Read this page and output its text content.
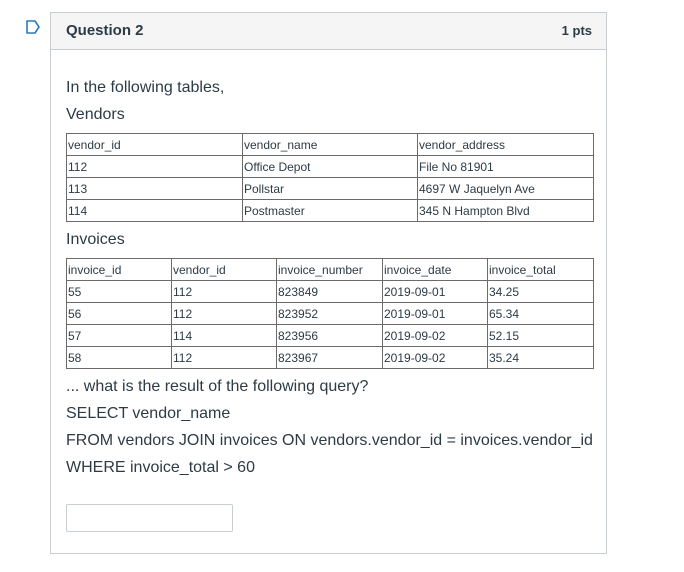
Question 2	1 pts

In the following tables,

Vendors

vendor_id	vendor_name	vendor_address
112	Office Depot	File No 81901
113	Pollstar	4697 W Jaquelyn Ave
114	Postmaster	345 N Hampton Blvd

Invoices

invoice_id	vendor_id	invoice_number	invoice_date	invoice_total
55	112	823849	2019-09-01	34.25
56	112	823952	2019-09-01	65.34
57	114	823956	2019-09-02	52.15
58	112	823967	2019-09-02	35.24

... what is the result of the following query?

SELECT vendor_name

FROM vendors JOIN invoices ON vendors.vendor_id = invoices.vendor_id

WHERE invoice_total > 60
